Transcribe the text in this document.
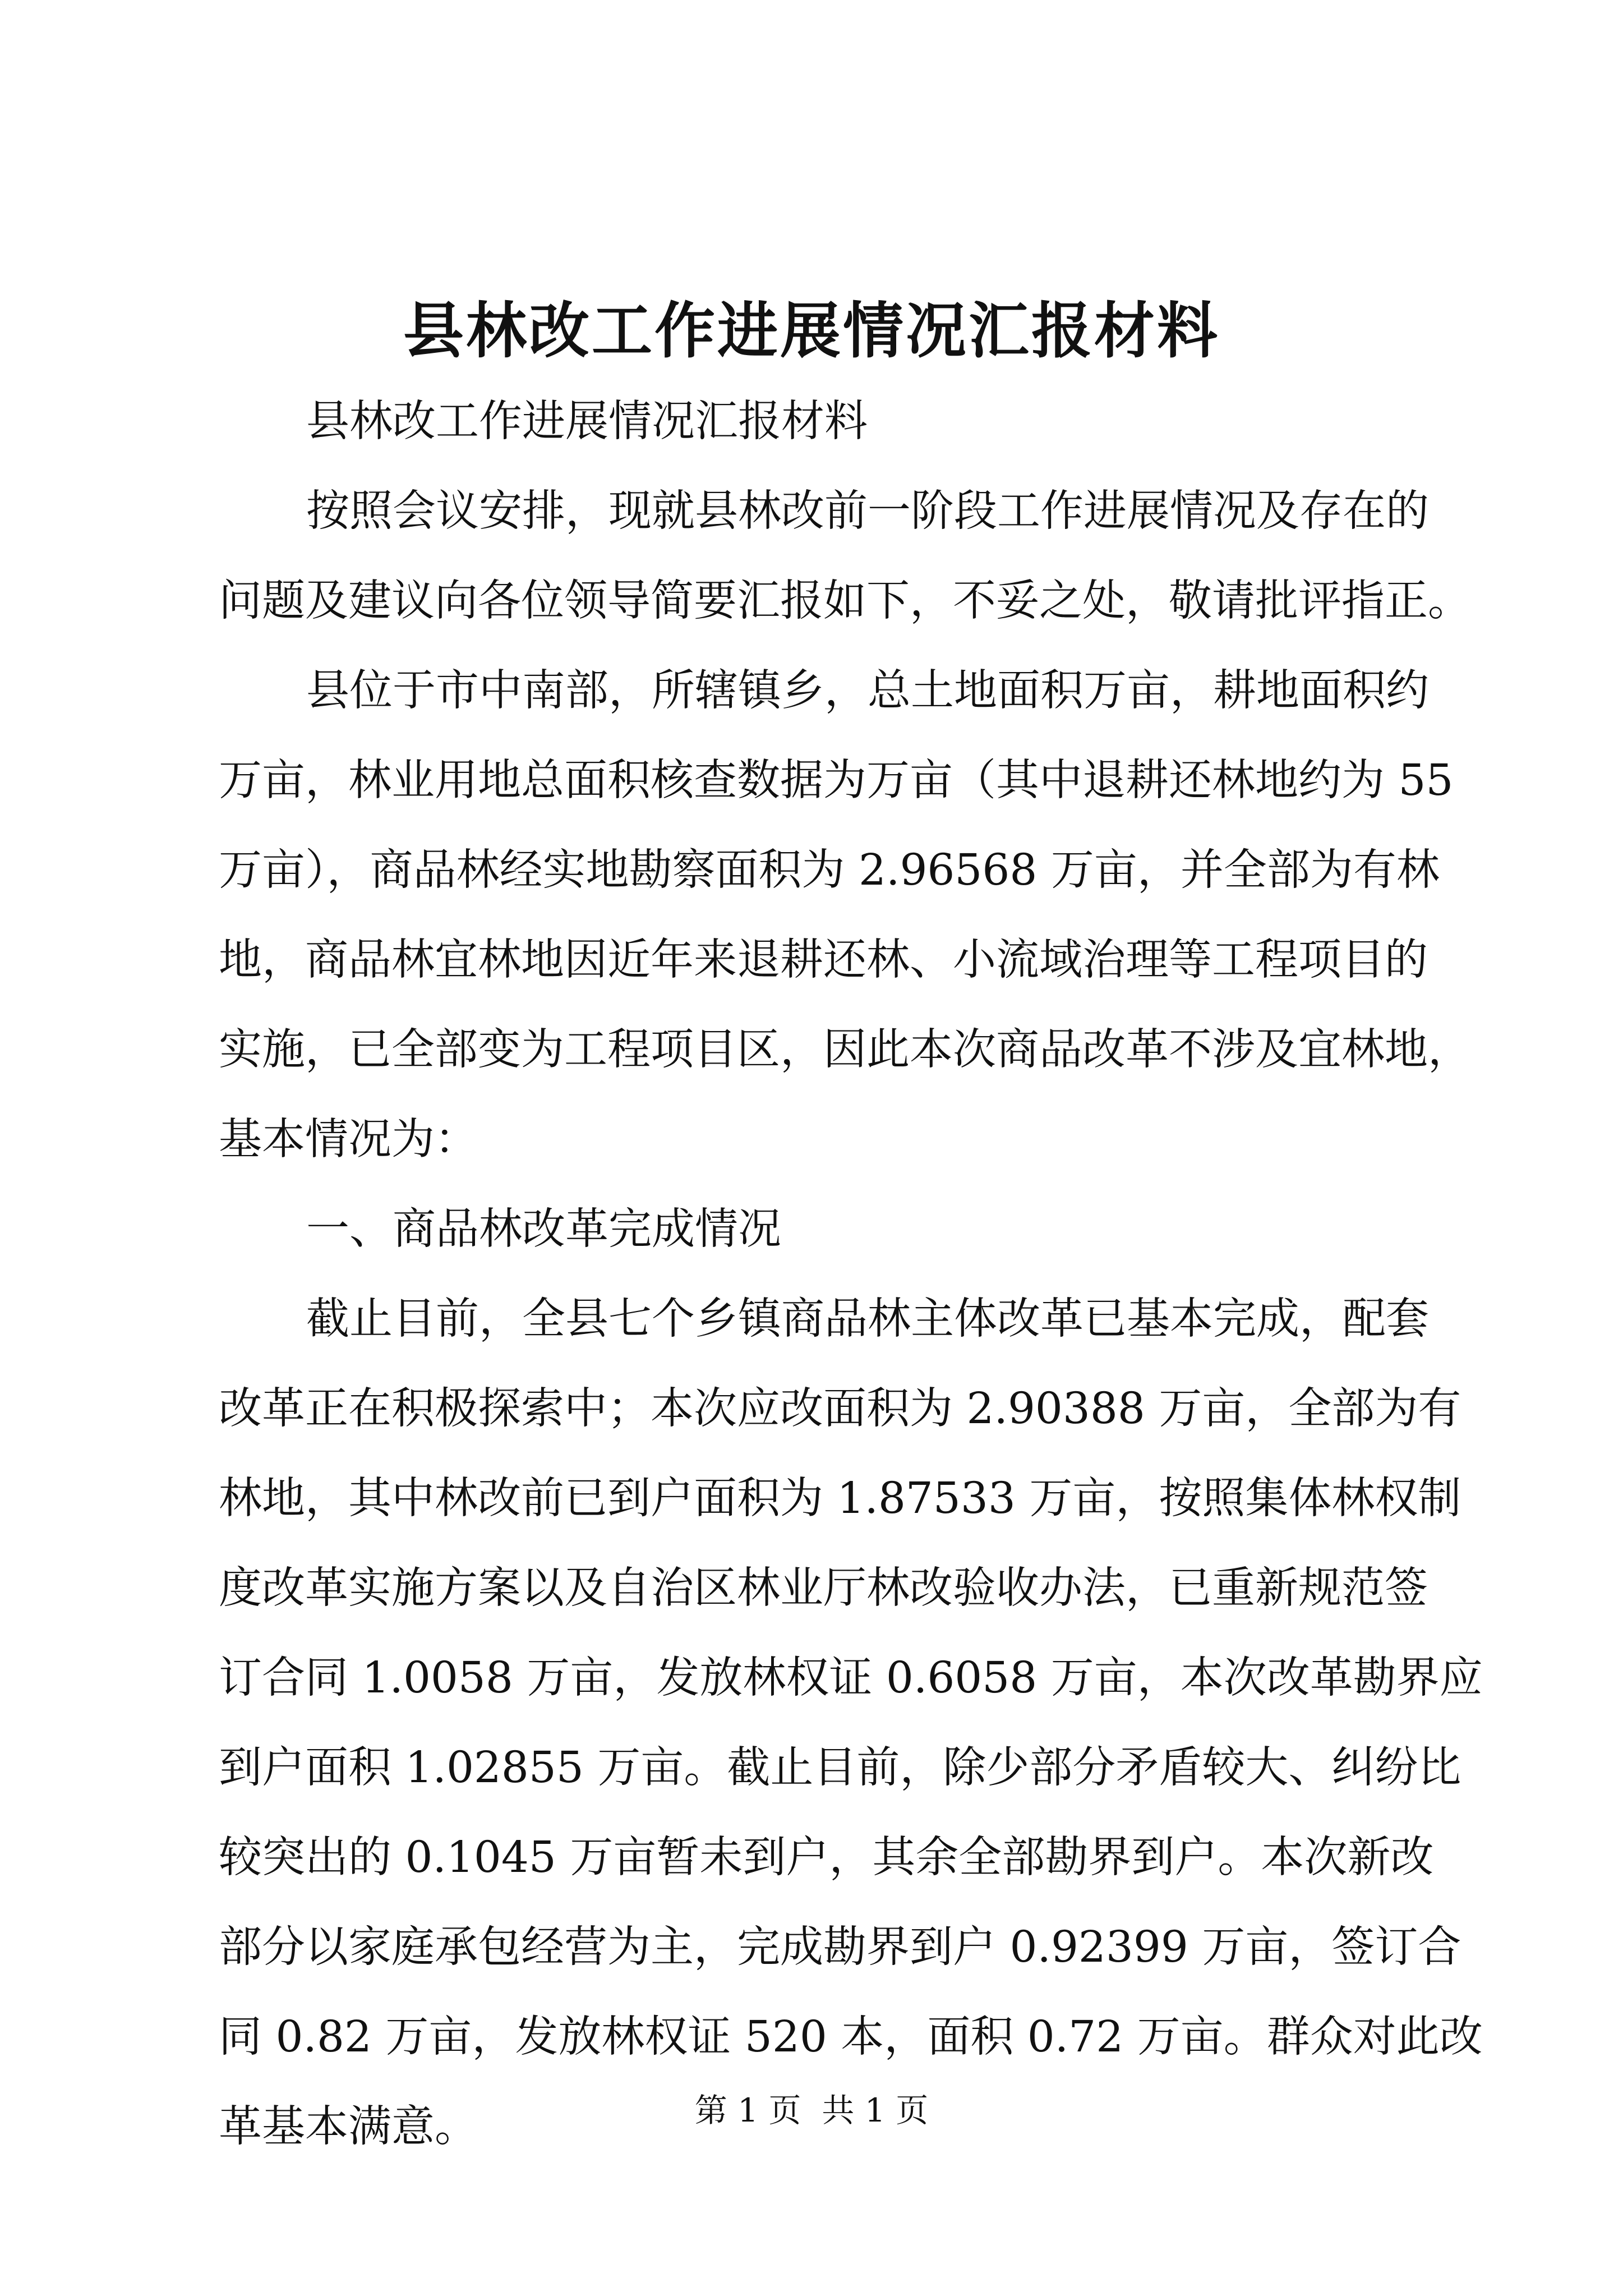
县林改工作进展情况汇报材料
县林改工作进展情况汇报材料
按照会议安排，现就县林改前一阶段工作进展情况及存在的
问题及建议向各位领导简要汇报如下，不妥之处，敬请批评指正。
县位于市中南部，所辖镇乡，总土地面积万亩，耕地面积约
万亩，林业用地总面积核查数据为万亩（其中退耕还林地约为 55
万亩），商品林经实地勘察面积为 2.96568 万亩，并全部为有林
地，商品林宜林地因近年来退耕还林、小流域治理等工程项目的
实施，已全部变为工程项目区，因此本次商品改革不涉及宜林地，
基本情况为：
一、商品林改革完成情况
截止目前，全县七个乡镇商品林主体改革已基本完成，配套
改革正在积极探索中；本次应改面积为 2.90388 万亩，全部为有
林地，其中林改前已到户面积为 1.87533 万亩，按照集体林权制
度改革实施方案以及自治区林业厅林改验收办法，已重新规范签
订合同 1.0058 万亩，发放林权证 0.6058 万亩，本次改革勘界应
到户面积 1.02855 万亩。截止目前，除少部分矛盾较大、纠纷比
较突出的 0.1045 万亩暂未到户，其余全部勘界到户。本次新改
部分以家庭承包经营为主，完成勘界到户 0.92399 万亩，签订合
同 0.82 万亩，发放林权证 520 本，面积 0.72 万亩。群众对此改
革基本满意。	第 1 页  共 1 页
